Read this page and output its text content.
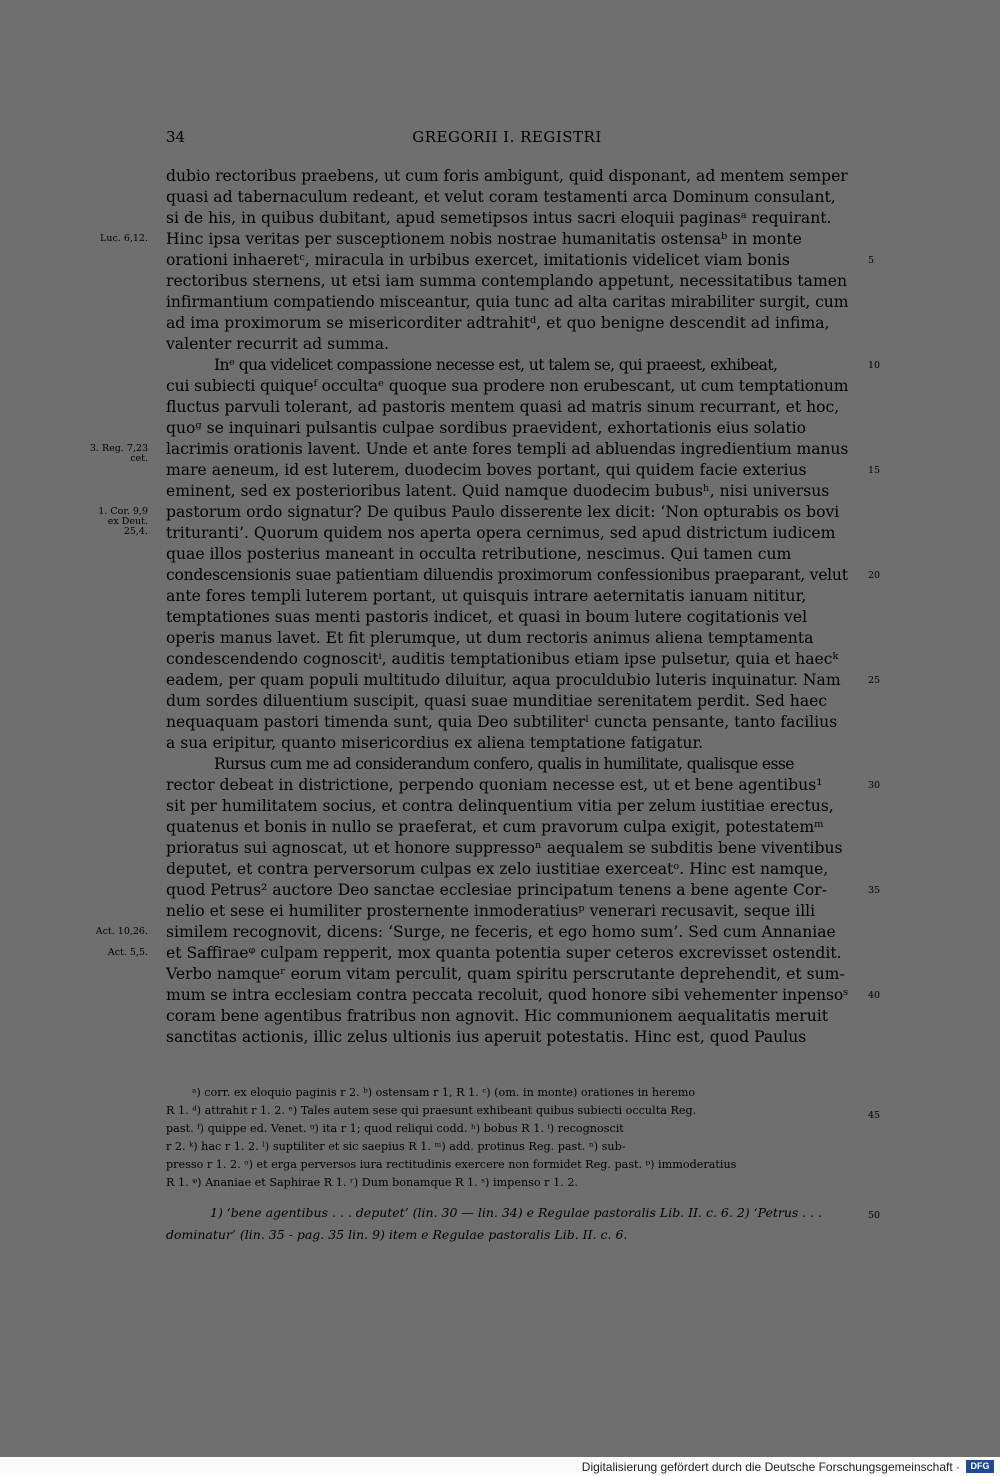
34	GREGORII I. REGISTRI
dubio rectoribus praebens, ut cum foris ambigunt, quid disponant, ad mentem semper
quasi ad tabernaculum redeant, et velut coram testamenti arca Dominum consulant,
si de his, in quibus dubitant, apud semetipsos intus sacri eloquii paginasᵃ requirant.
Hinc ipsa veritas per susceptionem nobis nostrae humanitatis ostensaᵇ in monte
orationi inhaeretᶜ, miracula in urbibus exercet, imitationis videlicet viam bonis
rectoribus sternens, ut etsi iam summa contemplando appetunt, necessitatibus tamen
infirmantium compatiendo misceantur, quia tunc ad alta caritas mirabiliter surgit, cum
ad ima proximorum se misericorditer adtrahitᵈ, et quo benigne descendit ad infima,
valenter recurrit ad summa.
Inᵉ qua videlicet compassione necesse est, ut talem se, qui praeest, exhibeat,
cui subiecti quiqueᶠ occultaᵉ quoque sua prodere non erubescant, ut cum temptationum
fluctus parvuli tolerant, ad pastoris mentem quasi ad matris sinum recurrant, et hoc,
quoᵍ se inquinari pulsantis culpae sordibus praevident, exhortationis eius solatio
lacrimis orationis lavent. Unde et ante fores templi ad abluendas ingredientium manus
mare aeneum, id est luterem, duodecim boves portant, qui quidem facie exterius
eminent, sed ex posterioribus latent. Quid namque duodecim bubusʰ, nisi universus
pastorum ordo signatur? De quibus Paulo disserente lex dicit: ‘Non opturabis os bovi
trituranti’. Quorum quidem nos aperta opera cernimus, sed apud districtum iudicem
quae illos posterius maneant in occulta retributione, nescimus. Qui tamen cum
condescensionis suae patientiam diluendis proximorum confessionibus praeparant, velut
ante fores templi luterem portant, ut quisquis intrare aeternitatis ianuam nititur,
temptationes suas menti pastoris indicet, et quasi in boum lutere cogitationis vel
operis manus lavet. Et fit plerumque, ut dum rectoris animus aliena temptamenta
condescendendo cognoscitⁱ, auditis temptationibus etiam ipse pulsetur, quia et haecᵏ
eadem, per quam populi multitudo diluitur, aqua proculdubio luteris inquinatur. Nam
dum sordes diluentium suscipit, quasi suae munditiae serenitatem perdit. Sed haec
nequaquam pastori timenda sunt, quia Deo subtiliterˡ cuncta pensante, tanto facilius
a sua eripitur, quanto misericordius ex aliena temptatione fatigatur.
Rursus cum me ad considerandum confero, qualis in humilitate, qualisque esse
rector debeat in districtione, perpendo quoniam necesse est, ut et bene agentibus¹
sit per humilitatem socius, et contra delinquentium vitia per zelum iustitiae erectus,
quatenus et bonis in nullo se praeferat, et cum pravorum culpa exigit, potestatemᵐ
prioratus sui agnoscat, ut et honore suppressoⁿ aequalem se subditis bene viventibus
deputet, et contra perversorum culpas ex zelo iustitiae exerceatᵒ. Hinc est namque,
quod Petrus² auctore Deo sanctae ecclesiae principatum tenens a bene agente Cor-
nelio et sese ei humiliter prosternente inmoderatiusᵖ venerari recusavit, seque illi
similem recognovit, dicens: ‘Surge, ne feceris, et ego homo sum’. Sed cum Annaniae
et Saffiraeᵠ culpam repperit, mox quanta potentia super ceteros excrevisset ostendit.
Verbo namqueʳ eorum vitam perculit, quam spiritu perscrutante deprehendit, et sum-
mum se intra ecclesiam contra peccata recoluit, quod honore sibi vehementer inpensoˢ
coram bene agentibus fratribus non agnovit. Hic communionem aequalitatis meruit
sanctitas actionis, illic zelus ultionis ius aperuit potestatis. Hinc est, quod Paulus
ᵃ) corr. ex eloquio paginis r 2. ᵇ) ostensam r 1, R 1. ᶜ) (om. in monte) orationes in heremo
R 1. ᵈ) attrahit r 1. 2. ᵉ) Tales autem sese qui praesunt exhibeant quibus subiecti occulta Reg.
past. ᶠ) quippe ed. Venet. ᵍ) ita r 1; quod reliqui codd. ʰ) bobus R 1. ⁱ) recognoscit
r 2. ᵏ) hac r 1. 2. ˡ) suptiliter et sic saepius R 1. ᵐ) add. protinus Reg. past. ⁿ) sub-
presso r 1. 2. ᵒ) et erga perversos iura rectitudinis exercere non formidet Reg. past. ᵖ) immoderatius
R 1. ᵠ) Ananiae et Saphirae R 1. ʳ) Dum bonamque R 1. ˢ) impenso r 1. 2.
45
1) ‘bene agentibus . . . deputet’ (lin. 30 — lin. 34) e Regulae pastoralis Lib. II. c. 6. 2) ‘Petrus . . .
dominatur’ (lin. 35 - pag. 35 lin. 9) item e Regulae pastoralis Lib. II. c. 6.
50
Digitalisierung gefördert durch die Deutsche Forschungsgemeinschaft ·	DFG
Luc. 6,12.
3. Reg. 7,23
cet.
1. Cor. 9,9
ex Deut.
25,4.
Act. 10,26.
Act. 5,5.
5
10
15
20
25
30
35
40
